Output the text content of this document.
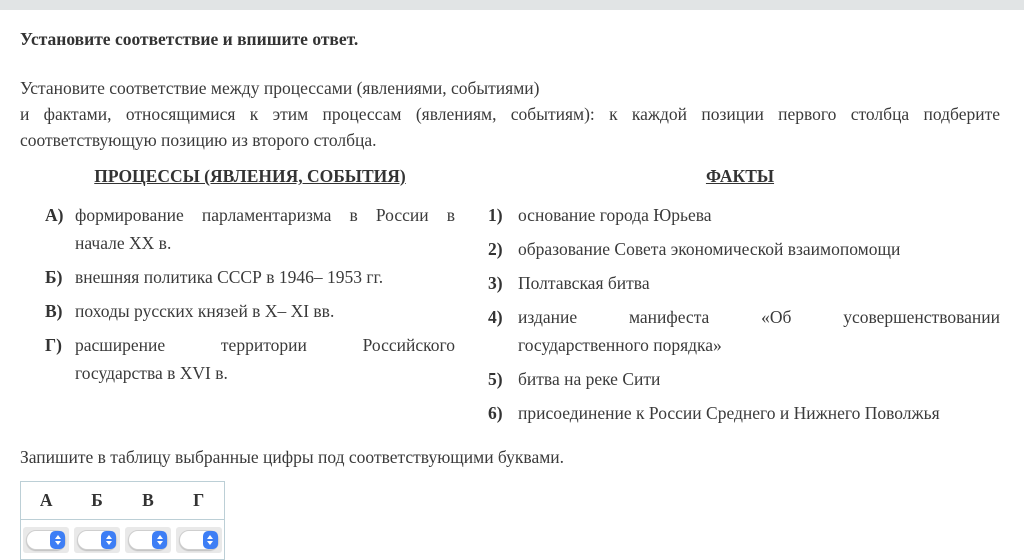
Установите соответствие и впишите ответ.

Установите соответствие между процессами (явлениями, событиями)
и фактами, относящимися к этим процессам (явлениям, событиям): к каждой позиции первого столбца подберите
соответствующую позицию из второго столбца.

ПРОЦЕССЫ (ЯВЛЕНИЯ, СОБЫТИЯ)
А) формирование парламентаризма в России в
начале XX в.
Б) внешняя политика СССР в 1946– 1953 гг.
В) походы русских князей в X– XI вв.
Г) расширение территории Российского
государства в XVI в.
ФАКТЫ
1) основание города Юрьева
2) образование Совета экономической взаимопомощи
3) Полтавская битва
4) издание манифеста «Об усовершенствовании
государственного порядка»
5) битва на реке Сити
6) присоединение к России Среднего и Нижнего Поволжья

Запишите в таблицу выбранные цифры под соответствующими буквами.

А	Б	В	Г
